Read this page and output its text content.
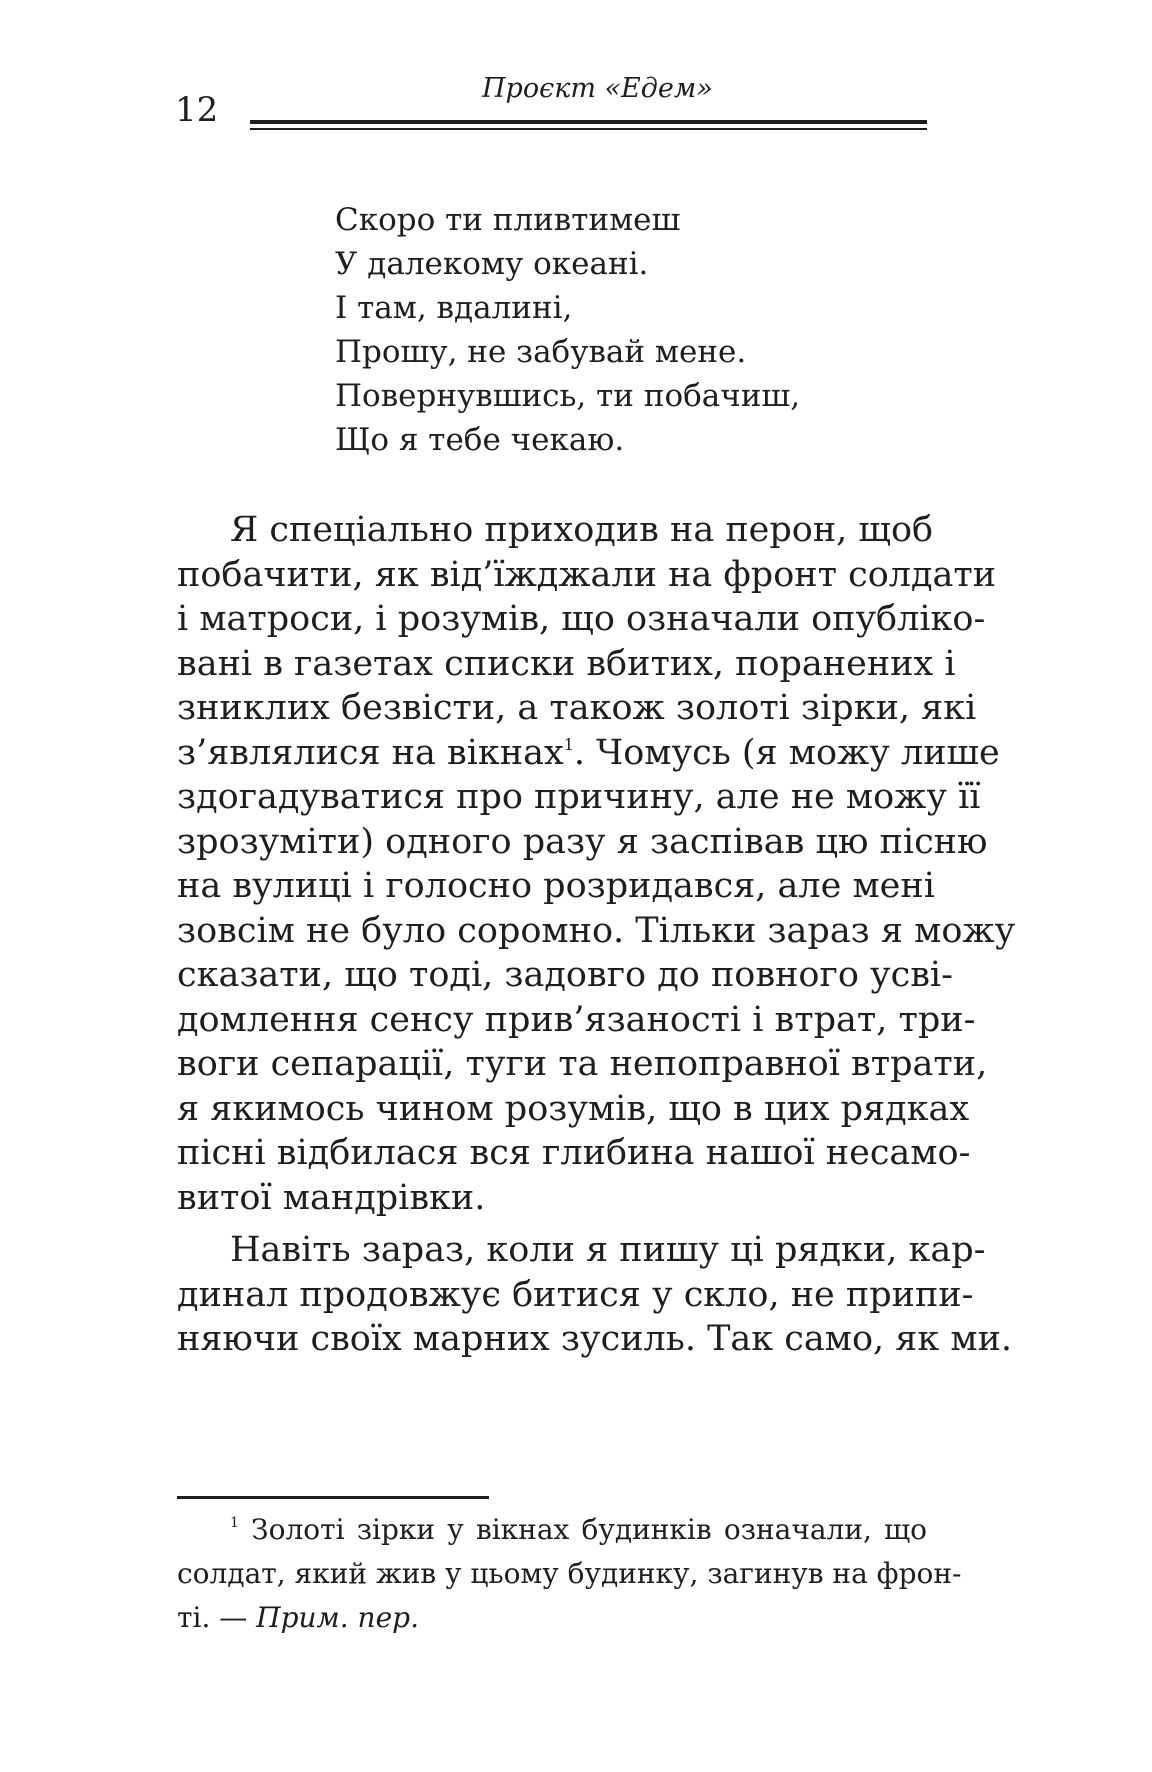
12
Проєкт «Едем»
Скоро ти пливтимеш
У далекому океані.
І там, вдалині,
Прошу, не забувай мене.
Повернувшись, ти побачиш,
Що я тебе чекаю.
Я спеціально приходив на перон, щоб
побачити, як від’їжджали на фронт солдати
і матроси, і розумів, що означали опубліко-
вані в газетах списки вбитих, поранених і
зниклих безвісти, а також золоті зірки, які
з’являлися на вікнах$^1$. Чомусь (я можу лише
здогадуватися про причину, але не можу її
зрозуміти) одного разу я заспівав цю пісню
на вулиці і голосно розридався, але мені
зовсім не було соромно. Тільки зараз я можу
сказати, що тоді, задовго до повного усві-
домлення сенсу прив’язаності і втрат, три-
воги сепарації, туги та непоправної втрати,
я якимось чином розумів, що в цих рядках
пісні відбилася вся глибина нашої несамо-
витої мандрівки.
Навіть зараз, коли я пишу ці рядки, кар-
динал продовжує битися у скло, не припи-
няючи своїх марних зусиль. Так само, як ми.
$^1$ Золоті зірки у вікнах будинків означали, що
солдат, який жив у цьому будинку, загинув на фрон-
ті. — Прим. пер.
